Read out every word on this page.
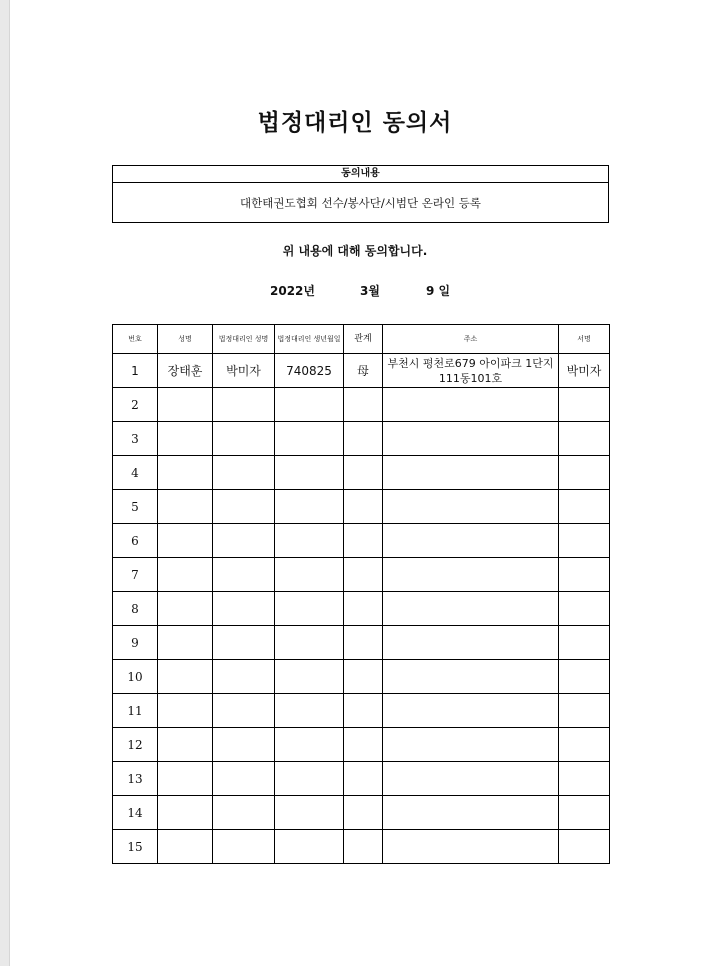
법정대리인 동의서
동의내용
대한태권도협회 선수/봉사단/시범단 온라인 등록
위 내용에 대해 동의합니다.
2022년	3월	9 일
번호	성명	법정대리인 성명	법정대리인 생년월일	관계	주소	서명
1	장태훈	박미자	740825	母	부천시 평천로679 아이파크 1단지 111동101호	박미자
2						
3						
4						
5						
6						
7						
8						
9						
10						
11						
12						
13						
14						
15						
